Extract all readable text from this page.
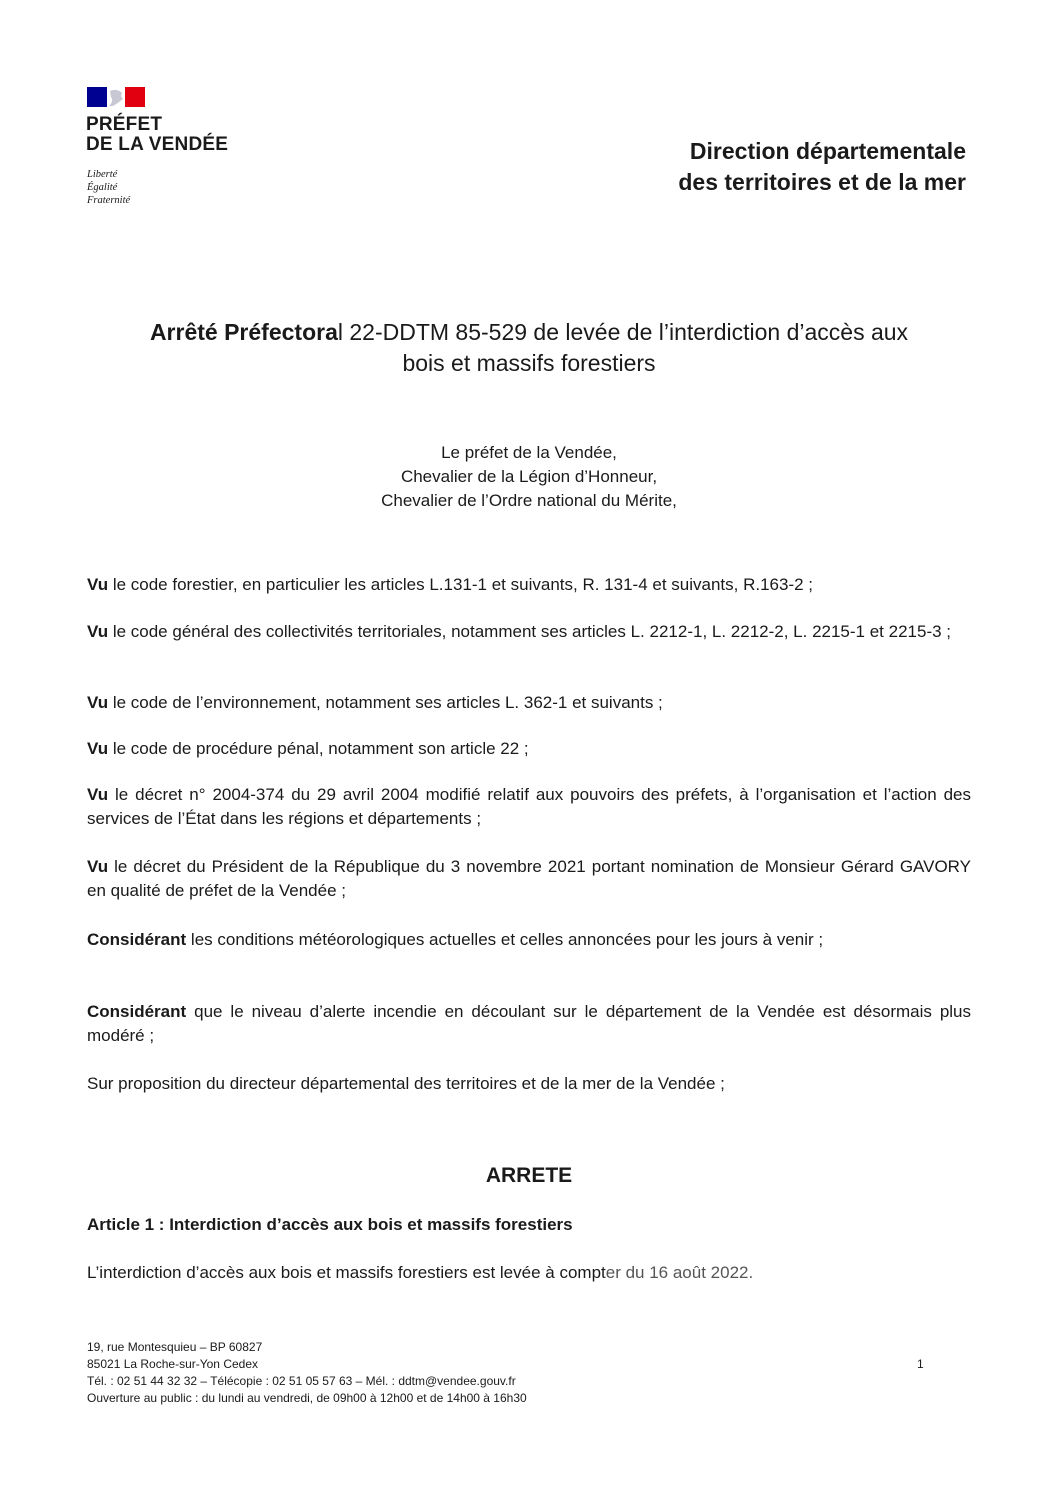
PRÉFET
DE LA VENDÉE
Liberté
Égalité
Fraternité
Direction départementale
des territoires et de la mer
Arrêté Préfectoral 22-DDTM 85-529 de levée de l’interdiction d’accès aux
bois et massifs forestiers
Le préfet de la Vendée,
Chevalier de la Légion d’Honneur,
Chevalier de l’Ordre national du Mérite,
Vu le code forestier, en particulier les articles L.131-1 et suivants, R. 131-4 et suivants, R.163-2 ;
Vu le code général des collectivités territoriales, notamment ses articles L. 2212-1, L. 2212-2, L. 2215-1 et 2215-3 ;
Vu le code de l’environnement, notamment ses articles L. 362-1 et suivants ;
Vu le code de procédure pénal, notamment son article 22 ;
Vu le décret n° 2004-374 du 29 avril 2004 modifié relatif aux pouvoirs des préfets, à l’organisation et l’action des services de l’État dans les régions et départements ;
Vu le décret du Président de la République du 3 novembre 2021 portant nomination de Monsieur Gérard GAVORY en qualité de préfet de la Vendée ;
Considérant les conditions météorologiques actuelles et celles annoncées pour les jours à venir ;
Considérant que le niveau d’alerte incendie en découlant sur le département de la Vendée est désormais plus modéré ;
Sur proposition du directeur départemental des territoires et de la mer de la Vendée ;
ARRETE
Article 1 : Interdiction d’accès aux bois et massifs forestiers
L’interdiction d’accès aux bois et massifs forestiers est levée à compter du 16 août 2022.
19, rue Montesquieu – BP 60827
85021 La Roche-sur-Yon Cedex
Tél. : 02 51 44 32 32 – Télécopie : 02 51 05 57 63 – Mél. : ddtm@vendee.gouv.fr
Ouverture au public : du lundi au vendredi, de 09h00 à 12h00 et de 14h00 à 16h30
1
